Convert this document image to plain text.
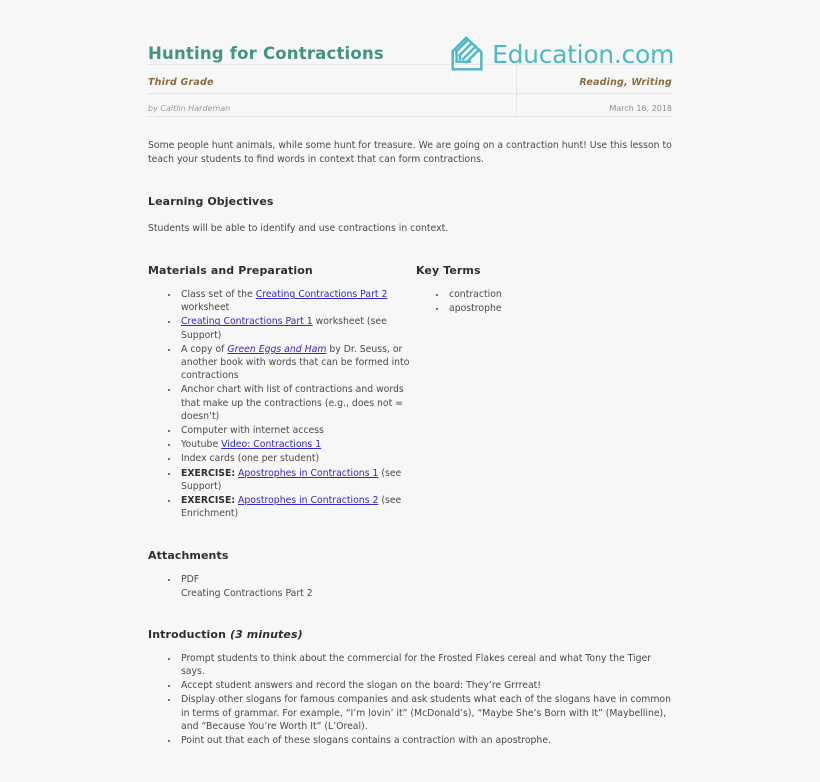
Hunting for Contractions	Education.com
Third Grade	Reading, Writing
by Caitlin Hardeman	March 16, 2018

Some people hunt animals, while some hunt for treasure. We are going on a contraction hunt! Use this lesson to teach your students to find words in context that can form contractions.

Learning Objectives

Students will be able to identify and use contractions in context.

Materials and Preparation
• Class set of the Creating Contractions Part 2 worksheet
• Creating Contractions Part 1 worksheet (see Support)
• A copy of Green Eggs and Ham by Dr. Seuss, or another book with words that can be formed into contractions
• Anchor chart with list of contractions and words that make up the contractions (e.g., does not = doesn’t)
• Computer with internet access
• Youtube Video: Contractions 1
• Index cards (one per student)
• EXERCISE: Apostrophes in Contractions 1 (see Support)
• EXERCISE: Apostrophes in Contractions 2 (see Enrichment)
Key Terms
• contraction
• apostrophe
Attachments
• PDF
Creating Contractions Part 2
Introduction (3 minutes)
• Prompt students to think about the commercial for the Frosted Flakes cereal and what Tony the Tiger says.
• Accept student answers and record the slogan on the board: They’re Grrreat!
• Display other slogans for famous companies and ask students what each of the slogans have in common in terms of grammar. For example, “I’m lovin’ it” (McDonald’s), “Maybe She’s Born with It” (Maybelline), and “Because You’re Worth It” (L’Oreal).
• Point out that each of these slogans contains a contraction with an apostrophe.
